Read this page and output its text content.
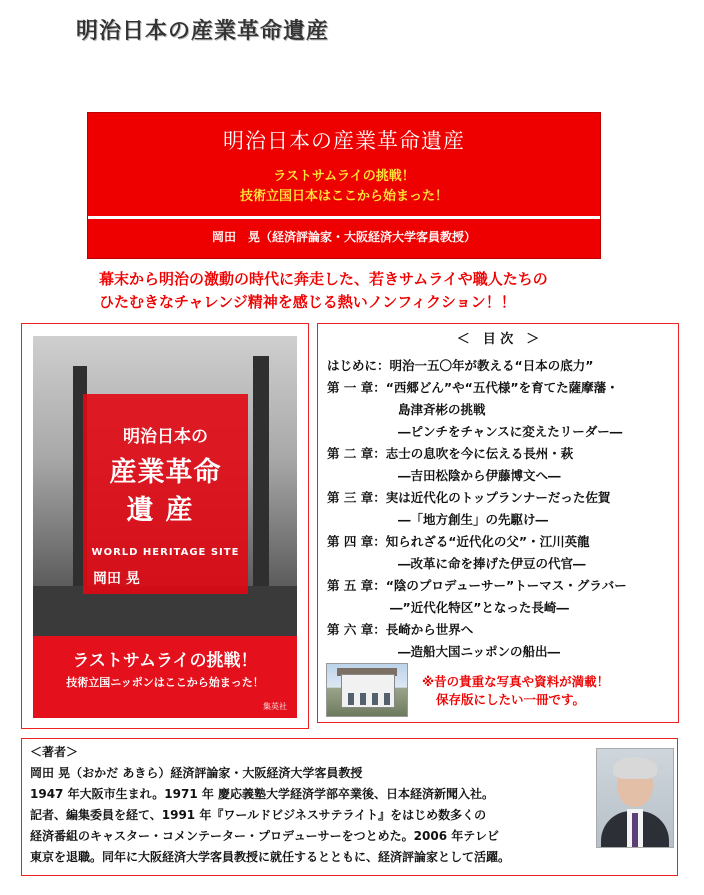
明治日本の産業革命遺産
明治日本の産業革命遺産
ラストサムライの挑戦！
技術立国日本はここから始まった！
岡田　晃（経済評論家・大阪経済大学客員教授）
幕末から明治の激動の時代に奔走した、若きサムライや職人たちの
ひたむきなチャレンジ精神を感じる熱いノンフィクション！！
明治日本の
産業革命
遺産
WORLD HERITAGE SITE
岡田 晃
ラストサムライの挑戦！
技術立国ニッポンはここから始まった！
集英社
＜　目 次　＞
はじめに：明治一五〇年が教える“日本の底力”
第 一 章：“西郷どん”や“五代様”を育てた薩摩藩・
島津斉彬の挑戦
―ピンチをチャンスに変えたリーダー―
第 二 章：志士の息吹を今に伝える長州・萩
―吉田松陰から伊藤博文へ―
第 三 章：実は近代化のトップランナーだった佐賀
―「地方創生」の先駆け―
第 四 章：知られざる“近代化の父”・江川英龍
―改革に命を捧げた伊豆の代官―
第 五 章：“陰のプロデューサー”トーマス・グラバー
―”近代化特区”となった長崎―
第 六 章：長崎から世界へ
―造船大国ニッポンの船出―
※昔の貴重な写真や資料が満載！
保存版にしたい一冊です。
＜著者＞
岡田 晃（おかだ あきら）経済評論家・大阪経済大学客員教授
1947 年大阪市生まれ。1971 年 慶応義塾大学経済学部卒業後、日本経済新聞入社。
記者、編集委員を経て、1991 年『ワールドビジネスサテライト』をはじめ数多くの
経済番組のキャスター・コメンテーター・プロデューサーをつとめた。2006 年テレビ
東京を退職。同年に大阪経済大学客員教授に就任するとともに、経済評論家として活躍。
